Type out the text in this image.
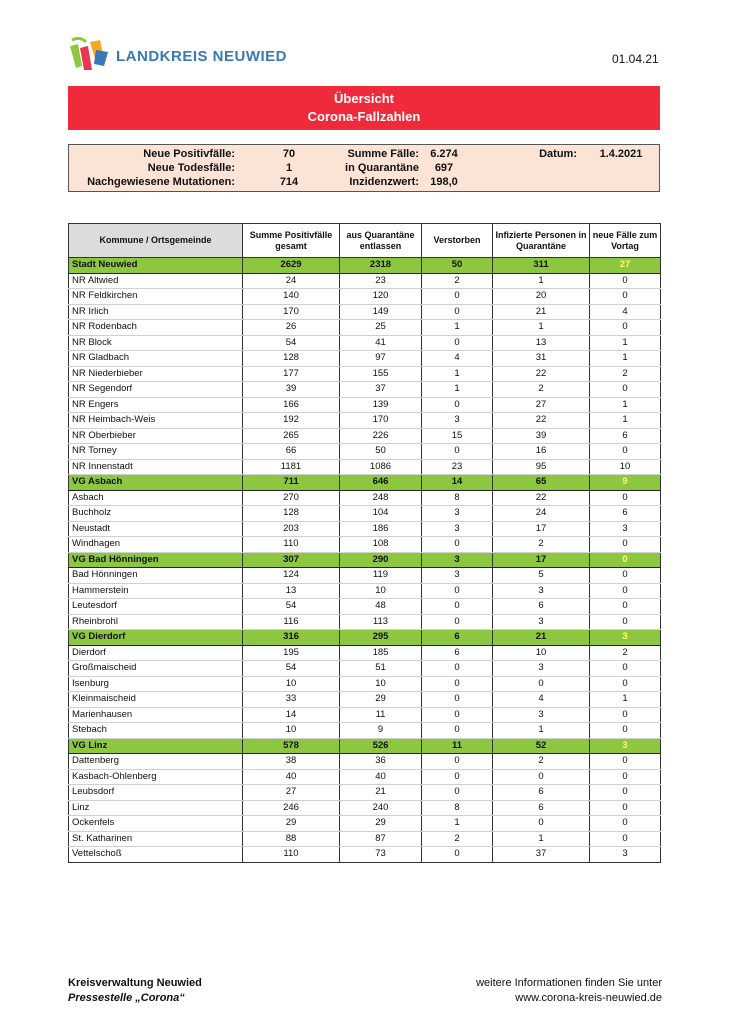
LANDKREIS NEUWIED	01.04.21
Übersicht
Corona-Fallzahlen
Neue Positivfälle:	70
Neue Todesfälle:	1
Nachgewiesene Mutationen:	714
Summe Fälle:	6.274
in Quarantäne	697
Inzidenzwert:	198,0
Datum:	1.4.2021
Kommune / Ortsgemeinde	Summe Positivfälle gesamt	aus Quarantäne entlassen	Verstorben	Infizierte Personen in Quarantäne	neue Fälle zum Vortag
Stadt Neuwied	2629	2318	50	311	27
NR Altwied	24	23	2	1	0
NR Feldkirchen	140	120	0	20	0
NR Irlich	170	149	0	21	4
NR Rodenbach	26	25	1	1	0
NR Block	54	41	0	13	1
NR Gladbach	128	97	4	31	1
NR Niederbieber	177	155	1	22	2
NR Segendorf	39	37	1	2	0
NR Engers	166	139	0	27	1
NR Heimbach-Weis	192	170	3	22	1
NR Oberbieber	265	226	15	39	6
NR Torney	66	50	0	16	0
NR Innenstadt	1181	1086	23	95	10
VG Asbach	711	646	14	65	9
Asbach	270	248	8	22	0
Buchholz	128	104	3	24	6
Neustadt	203	186	3	17	3
Windhagen	110	108	0	2	0
VG Bad Hönningen	307	290	3	17	0
Bad Hönningen	124	119	3	5	0
Hammerstein	13	10	0	3	0
Leutesdorf	54	48	0	6	0
Rheinbrohl	116	113	0	3	0
VG Dierdorf	316	295	6	21	3
Dierdorf	195	185	6	10	2
Großmaischeid	54	51	0	3	0
Isenburg	10	10	0	0	0
Kleinmaischeid	33	29	0	4	1
Marienhausen	14	11	0	3	0
Stebach	10	9	0	1	0
VG Linz	578	526	11	52	3
Dattenberg	38	36	0	2	0
Kasbach-Ohlenberg	40	40	0	0	0
Leubsdorf	27	21	0	6	0
Linz	246	240	8	6	0
Ockenfels	29	29	1	0	0
St. Katharinen	88	87	2	1	0
Vettelschoß	110	73	0	37	3
Kreisverwaltung Neuwied
Pressestelle „Corona“
weitere Informationen finden Sie unter
www.corona-kreis-neuwied.de
